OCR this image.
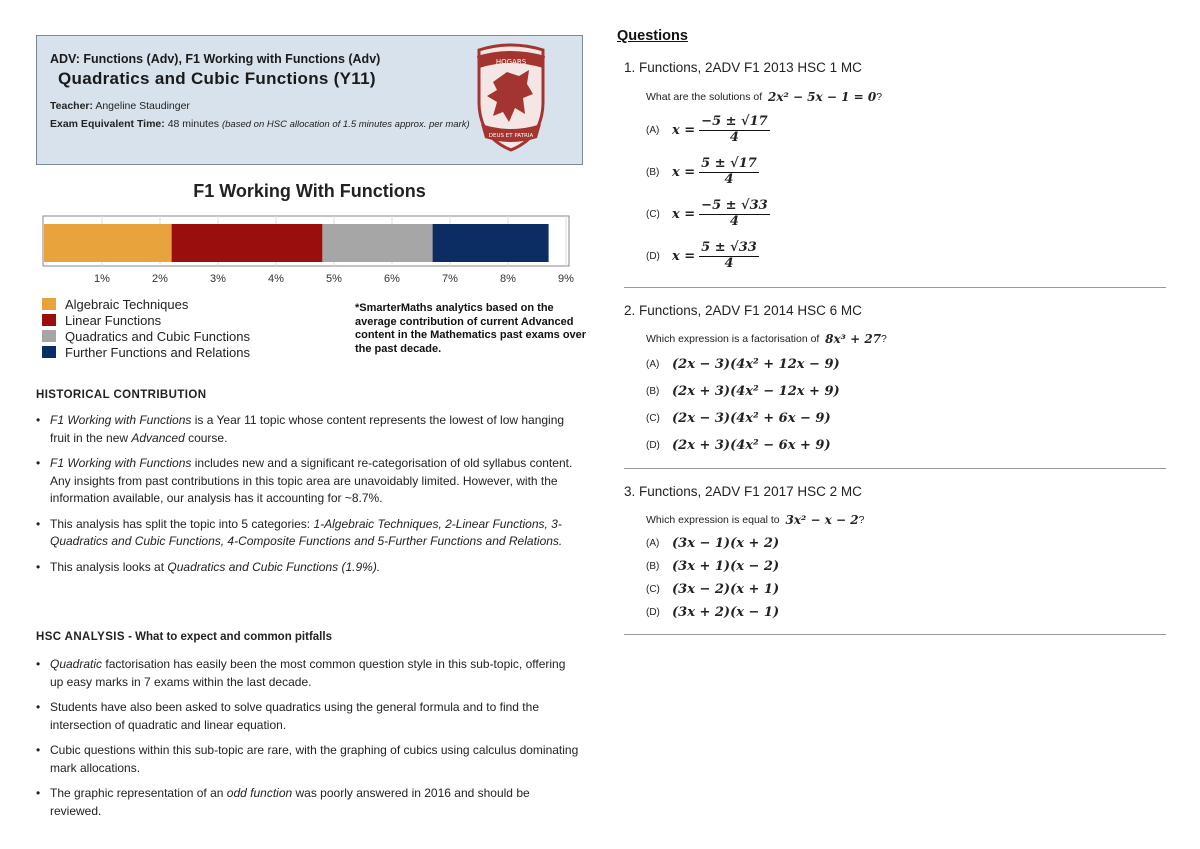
ADV: Functions (Adv), F1 Working with Functions (Adv)
Quadratics and Cubic Functions (Y11)
Teacher: Angeline Staudinger
Exam Equivalent Time: 48 minutes (based on HSC allocation of 1.5 minutes approx. per mark)
HOGARS
DEUS ET PATRIA
F1 Working With Functions
1%	2%	3%	4%	5%	6%	7%	8%	9%
Algebraic Techniques
Linear Functions
Quadratics and Cubic Functions
Further Functions and Relations
*SmarterMaths analytics based on the average contribution of current Advanced content in the Mathematics past exams over the past decade.
HISTORICAL CONTRIBUTION
• F1 Working with Functions is a Year 11 topic whose content represents the lowest of low hanging fruit in the new Advanced course.
• F1 Working with Functions includes new and a significant re-categorisation of old syllabus content. Any insights from past contributions in this topic area are unavoidably limited. However, with the information available, our analysis has it accounting for ~8.7%.
• This analysis has split the topic into 5 categories: 1-Algebraic Techniques, 2-Linear Functions, 3-Quadratics and Cubic Functions, 4-Composite Functions and 5-Further Functions and Relations.
• This analysis looks at Quadratics and Cubic Functions (1.9%).
HSC ANALYSIS - What to expect and common pitfalls
• Quadratic factorisation has easily been the most common question style in this sub-topic, offering up easy marks in 7 exams within the last decade.
• Students have also been asked to solve quadratics using the general formula and to find the intersection of quadratic and linear equation.
• Cubic questions within this sub-topic are rare, with the graphing of cubics using calculus dominating mark allocations.
• The graphic representation of an odd function was poorly answered in 2016 and should be reviewed.
Questions
1. Functions, 2ADV F1 2013 HSC 1 MC
What are the solutions of
2x² − 5x − 1 = 0 ?
(A) $x = \frac{-5 \pm √17}{4}$
(B) $x = \frac{5 \pm √17}{4}$
(C) $x = \frac{-5 \pm √33}{4}$
(D) $x = \frac{5 \pm √33}{4}$
2. Functions, 2ADV F1 2014 HSC 6 MC
Which expression is a factorisation of
8x³ + 27 ?
(A) (2x − 3)(4x² + 12x − 9)
(B) (2x + 3)(4x² − 12x + 9)
(C) (2x − 3)(4x² + 6x − 9)
(D) (2x + 3)(4x² − 6x + 9)
3. Functions, 2ADV F1 2017 HSC 2 MC
Which expression is equal to
3x² − x − 2 ?
(A) (3x − 1)(x + 2)
(B) (3x + 1)(x − 2)
(C) (3x − 2)(x + 1)
(D) (3x + 2)(x − 1)
